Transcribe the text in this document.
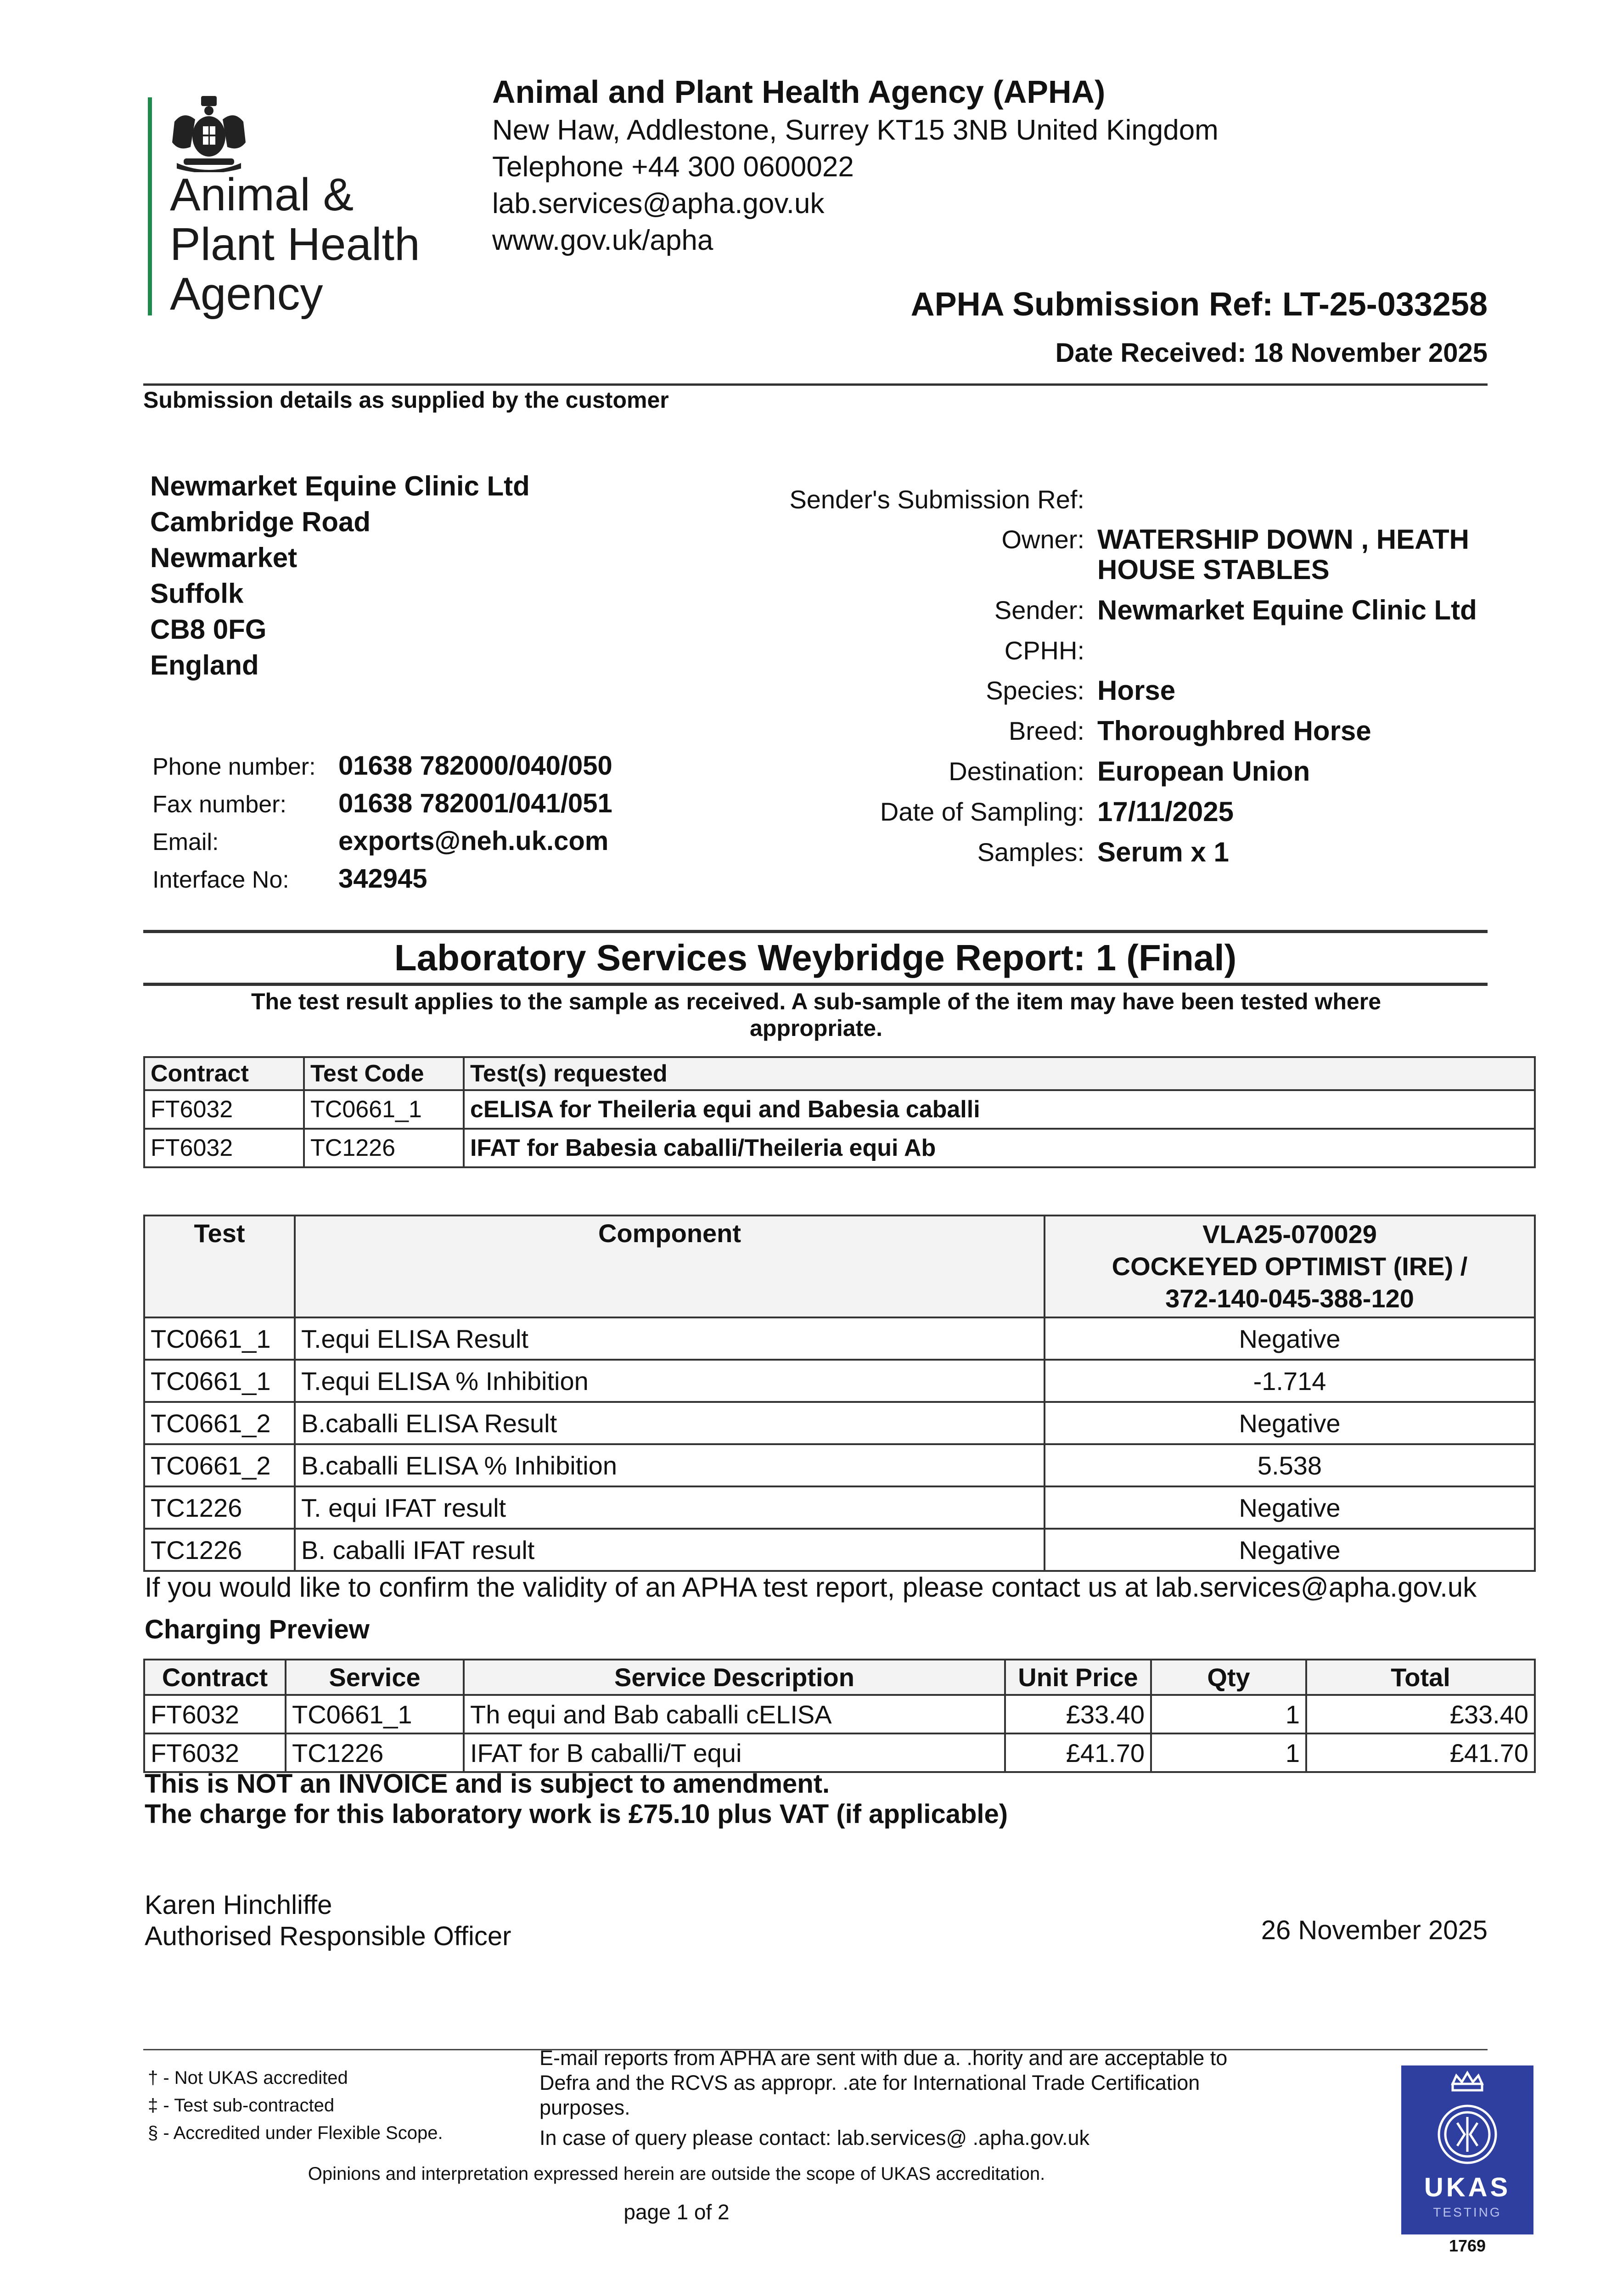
Animal &
Plant Health
Agency
Animal and Plant Health Agency (APHA)
New Haw, Addlestone, Surrey KT15 3NB United Kingdom
Telephone +44 300 0600022
lab.services@apha.gov.uk
www.gov.uk/apha
APHA Submission Ref: LT-25-033258
Date Received: 18 November 2025
Submission details as supplied by the customer
Newmarket Equine Clinic Ltd
Cambridge Road
Newmarket
Suffolk
CB8 0FG
England
Phone number: 01638 782000/040/050
Fax number: 01638 782001/041/051
Email:	exports@neh.uk.com
Interface No: 342945
Sender's Submission Ref:
Owner: WATERSHIP DOWN , HEATH HOUSE STABLES
Sender: Newmarket Equine Clinic Ltd
CPHH:
Species: Horse
Breed: Thoroughbred Horse
Destination: European Union
Date of Sampling: 17/11/2025
Samples: Serum x 1
Laboratory Services Weybridge Report: 1 (Final)
The test result applies to the sample as received. A sub-sample of the item may have been tested where appropriate.
Contract	Test Code	Test(s) requested
FT6032	TC0661_1	cELISA for Theileria equi and Babesia caballi
FT6032	TC1226	IFAT for Babesia caballi/Theileria equi Ab
Test	Component	VLA25-070029
COCKEYED OPTIMIST (IRE) /
372-140-045-388-120

TC0661_1	T.equi ELISA Result	Negative
TC0661_1	T.equi ELISA % Inhibition	-1.714
TC0661_2	B.caballi ELISA Result	Negative
TC0661_2	B.caballi ELISA % Inhibition	5.538
TC1226	T. equi IFAT result	Negative
TC1226	B. caballi IFAT result	Negative
If you would like to confirm the validity of an APHA test report, please contact us at lab.services@apha.gov.uk
Charging Preview
Contract	Service	Service Description	Unit Price	Qty	Total
FT6032	TC0661_1	Th equi and Bab caballi cELISA	£33.40	1	£33.40
FT6032	TC1226	IFAT for B caballi/T equi	£41.70	1	£41.70
This is NOT an INVOICE and is subject to amendment.
The charge for this laboratory work is £75.10 plus VAT (if applicable)
Karen Hinchliffe
Authorised Responsible Officer	26 November 2025
† - Not UKAS accredited
‡ - Test sub-contracted
§ - Accredited under Flexible Scope.
E-mail reports from APHA are sent with due a. .hority and are acceptable to Defra and the RCVS as appropr. .ate for International Trade Certification purposes.
In case of query please contact: lab.services@ .apha.gov.uk
Opinions and interpretation expressed herein are outside the scope of UKAS accreditation.
page 1 of 2
UKAS
TESTING
1769
